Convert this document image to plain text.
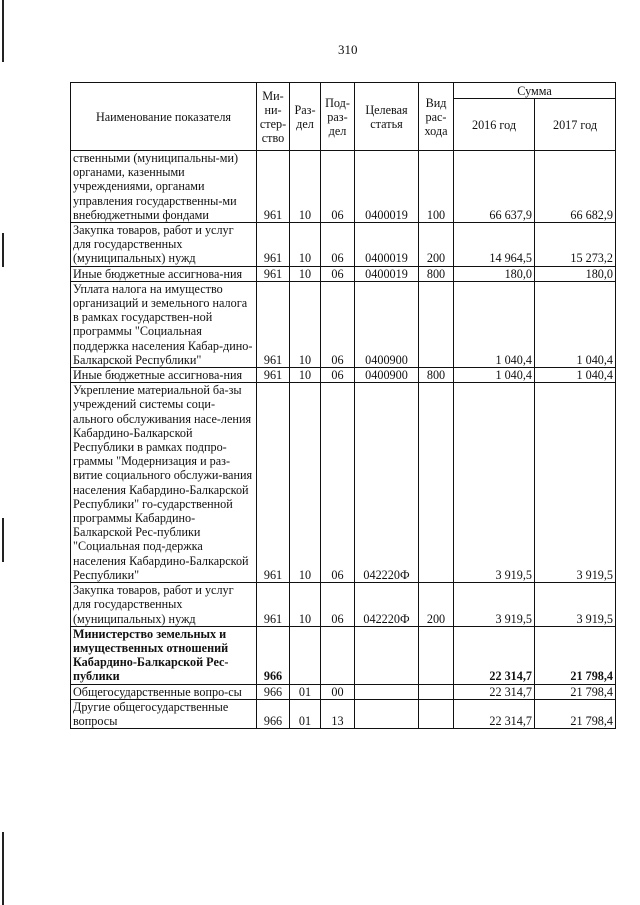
310
Наименование показателя	Ми-ни-стер-ство	Раз-дел	Под-раз-дел	Целевая статья	Вид рас-хода	Сумма	
						2016 год	2017 год
ственными (муниципальны-ми) органами, казенными учреждениями, органами управления государственны-ми внебюджетными фондами	961	10	06	0400019	100	66 637,9	66 682,9
Закупка товаров, работ и услуг для государственных (муниципальных) нужд	961	10	06	0400019	200	14 964,5	15 273,2
Иные бюджетные ассигнова-ния	961	10	06	0400019	800	180,0	180,0
Уплата налога на имущество организаций и земельного налога в рамках государствен-ной программы "Социальная поддержка населения Кабар-дино-Балкарской Республики"	961	10	06	0400900		1 040,4	1 040,4
Иные бюджетные ассигнова-ния	961	10	06	0400900	800	1 040,4	1 040,4
Укрепление материальной ба-зы учреждений системы соци-ального обслуживания насе-ления Кабардино-Балкарской Республики в рамках подпро-граммы "Модернизация и раз-витие социального обслужи-вания населения Кабардино-Балкарской Республики" го-сударственной программы Кабардино-Балкарской Рес-публики "Социальная под-держка населения Кабардино-Балкарской Республики"	961	10	06	042220Ф		3 919,5	3 919,5
Закупка товаров, работ и услуг для государственных (муниципальных) нужд	961	10	06	042220Ф	200	3 919,5	3 919,5
Министерство земельных и имущественных отношений Кабардино-Балкарской Рес-публики	966					22 314,7	21 798,4
Общегосударственные вопро-сы	966	01	00			22 314,7	21 798,4
Другие общегосударственные вопросы	966	01	13			22 314,7	21 798,4
